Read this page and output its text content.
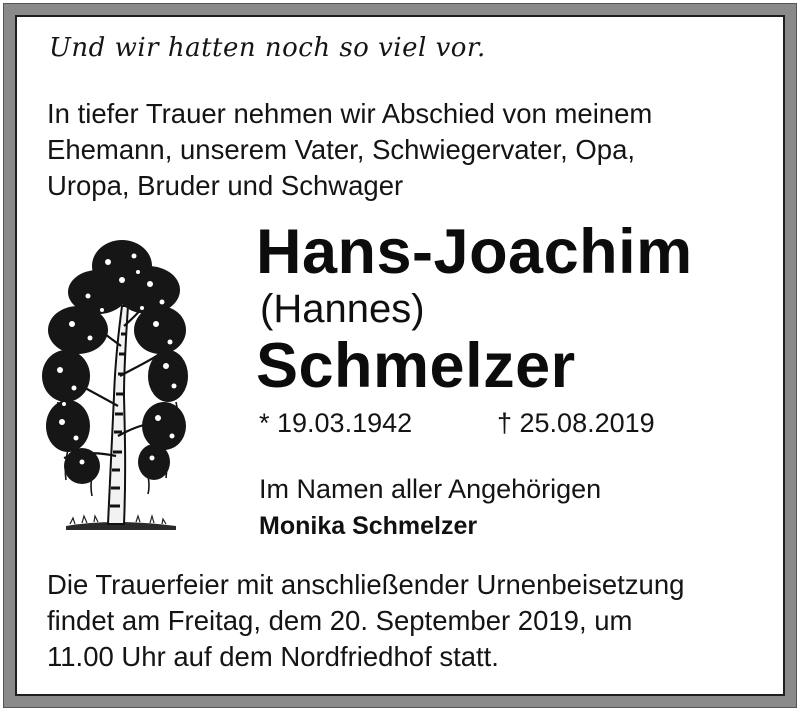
Und wir hatten noch so viel vor.
In tiefer Trauer nehmen wir Abschied von meinem
Ehemann, unserem Vater, Schwiegervater, Opa,
Uropa, Bruder und Schwager
Hans-Joachim
(Hannes)
Schmelzer
* 19.03.1942	† 25.08.2019
Im Namen aller Angehörigen
Monika Schmelzer
Die Trauerfeier mit anschließender Urnenbeisetzung
findet am Freitag, dem 20. September 2019, um
11.00 Uhr auf dem Nordfriedhof statt.
